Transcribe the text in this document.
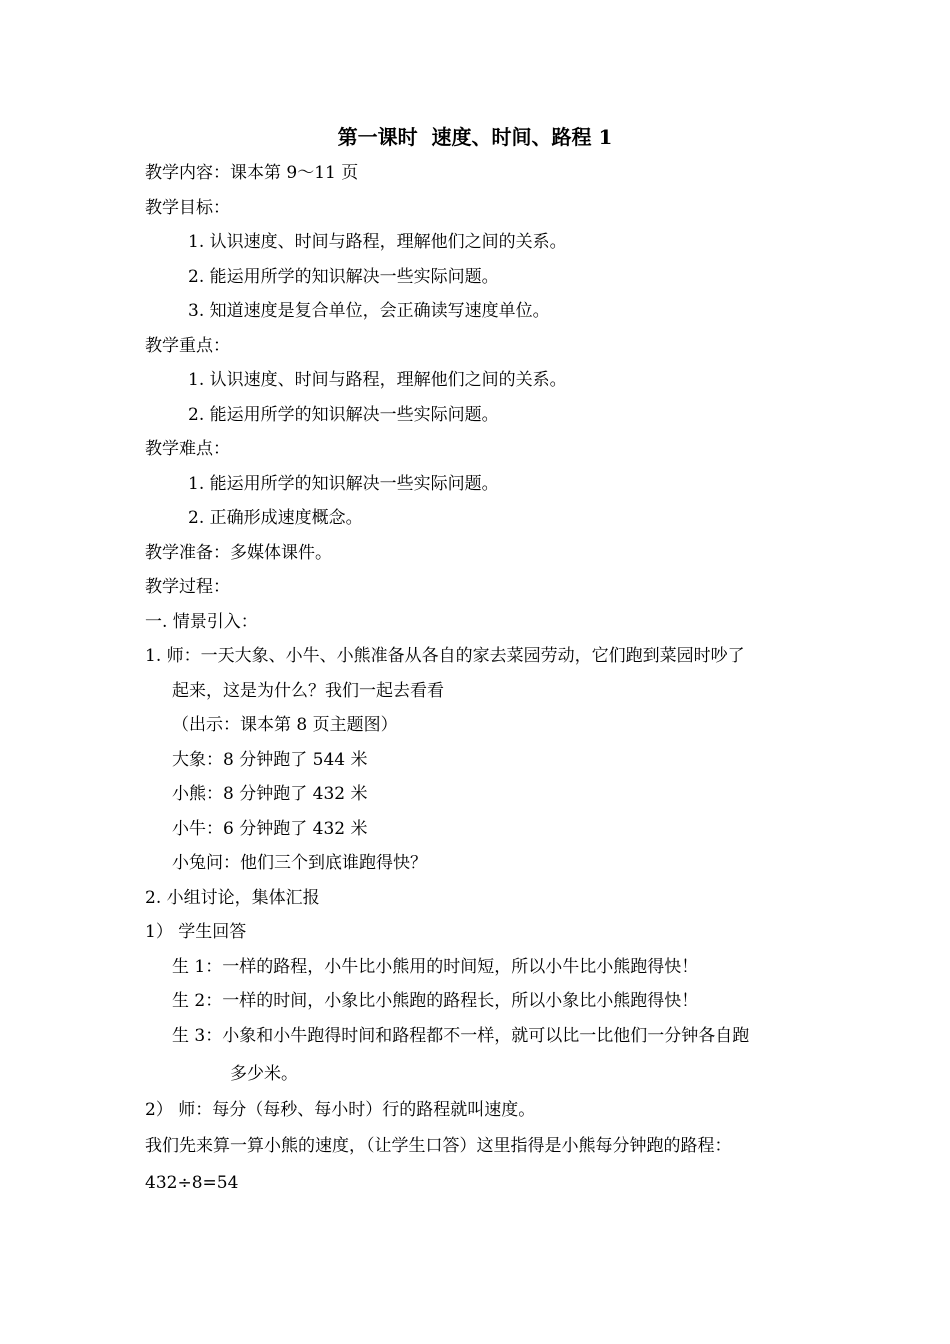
第一课时  速度、时间、路程 1
教学内容：课本第 9～11 页
教学目标：
1. 认识速度、时间与路程，理解他们之间的关系。
2. 能运用所学的知识解决一些实际问题。
3. 知道速度是复合单位，会正确读写速度单位。
教学重点：
1. 认识速度、时间与路程，理解他们之间的关系。
2. 能运用所学的知识解决一些实际问题。
教学难点：
1. 能运用所学的知识解决一些实际问题。
2. 正确形成速度概念。
教学准备：多媒体课件。
教学过程：
一. 情景引入：
1. 师：一天大象、小牛、小熊准备从各自的家去菜园劳动，它们跑到菜园时吵了
起来，这是为什么？我们一起去看看
（出示：课本第 8 页主题图）
大象：8 分钟跑了 544 米
小熊：8 分钟跑了 432 米
小牛：6 分钟跑了 432 米
小兔问：他们三个到底谁跑得快？
2. 小组讨论，集体汇报
1） 学生回答
生 1：一样的路程，小牛比小熊用的时间短，所以小牛比小熊跑得快！
生 2：一样的时间，小象比小熊跑的路程长，所以小象比小熊跑得快！
生 3：小象和小牛跑得时间和路程都不一样，就可以比一比他们一分钟各自跑
多少米。
2） 师：每分（每秒、每小时）行的路程就叫速度。
我们先来算一算小熊的速度，（让学生口答）这里指得是小熊每分钟跑的路程：
432÷8=54
